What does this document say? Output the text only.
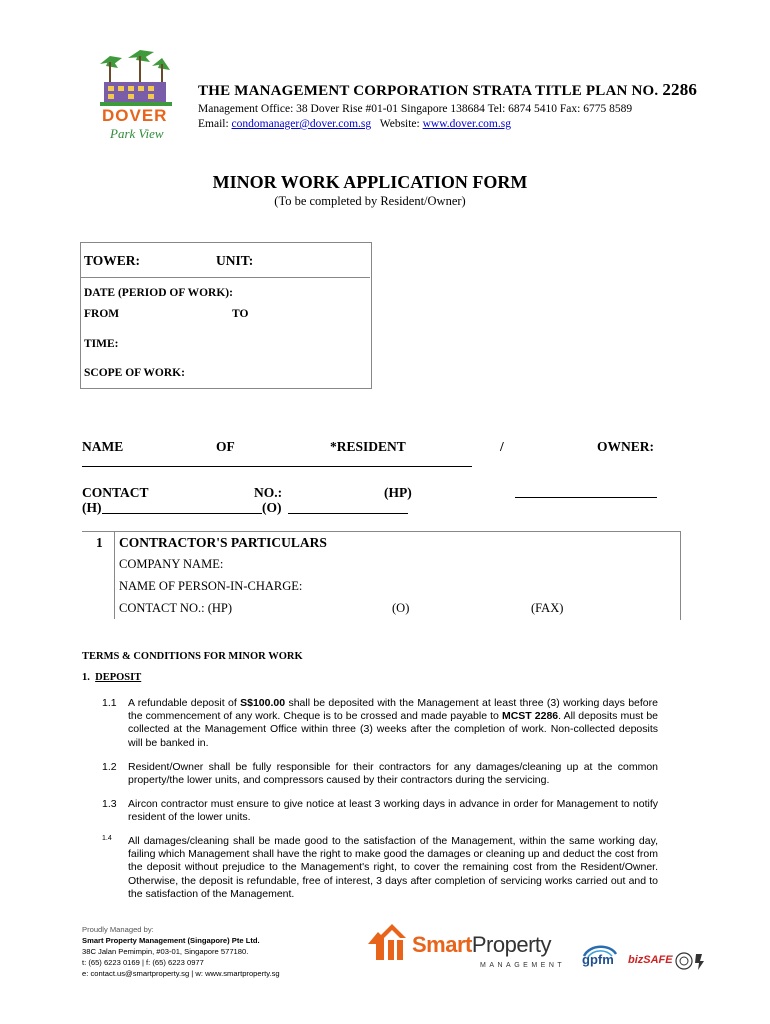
DOVER
Park View
THE MANAGEMENT CORPORATION STRATA TITLE PLAN NO. 2286
Management Office: 38 Dover Rise #01-01 Singapore 138684 Tel: 6874 5410 Fax: 6775 8589
Email: condomanager@dover.com.sg Website: www.dover.com.sg
MINOR WORK APPLICATION FORM
(To be completed by Resident/Owner)
TOWER:	UNIT:
DATE (PERIOD OF WORK):
FROM	TO
TIME:
SCOPE OF WORK:
NAME	OF	*RESIDENT	/	OWNER:
CONTACT	NO.:	(HP)
(H)	(O)
1 CONTRACTOR'S PARTICULARS
COMPANY NAME:
NAME OF PERSON-IN-CHARGE:
CONTACT NO.: (HP)	(O)	(FAX)
TERMS & CONDITIONS FOR MINOR WORK
1. DEPOSIT
1.1 A refundable deposit of S$100.00 shall be deposited with the Management at least three (3) working days before the commencement of any work. Cheque is to be crossed and made payable to MCST 2286. All deposits must be collected at the Management Office within three (3) weeks after the completion of work. Non-collected deposits will be banked in.
1.2 Resident/Owner shall be fully responsible for their contractors for any damages/cleaning up at the common property/the lower units, and compressors caused by their contractors during the servicing.
1.3 Aircon contractor must ensure to give notice at least 3 working days in advance in order for Management to notify resident of the lower units.
1.4 All damages/cleaning shall be made good to the satisfaction of the Management, within the same working day, failing which Management shall have the right to make good the damages or cleaning up and deduct the cost from the deposit without prejudice to the Management's right, to cover the remaining cost from the Resident/Owner. Otherwise, the deposit is refundable, free of interest, 3 days after completion of servicing works carried out and to the satisfaction of the Management.
Proudly Managed by:
Smart Property Management (Singapore) Pte Ltd.
38C Jalan Pemimpin, #03-01, Singapore 577180.
t: (65) 6223 0169 | f: (65) 6223 0977
e: contact.us@smartproperty.sg | w: www.smartproperty.sg
SmartProperty
MANAGEMENT gpfm bizSAFE
